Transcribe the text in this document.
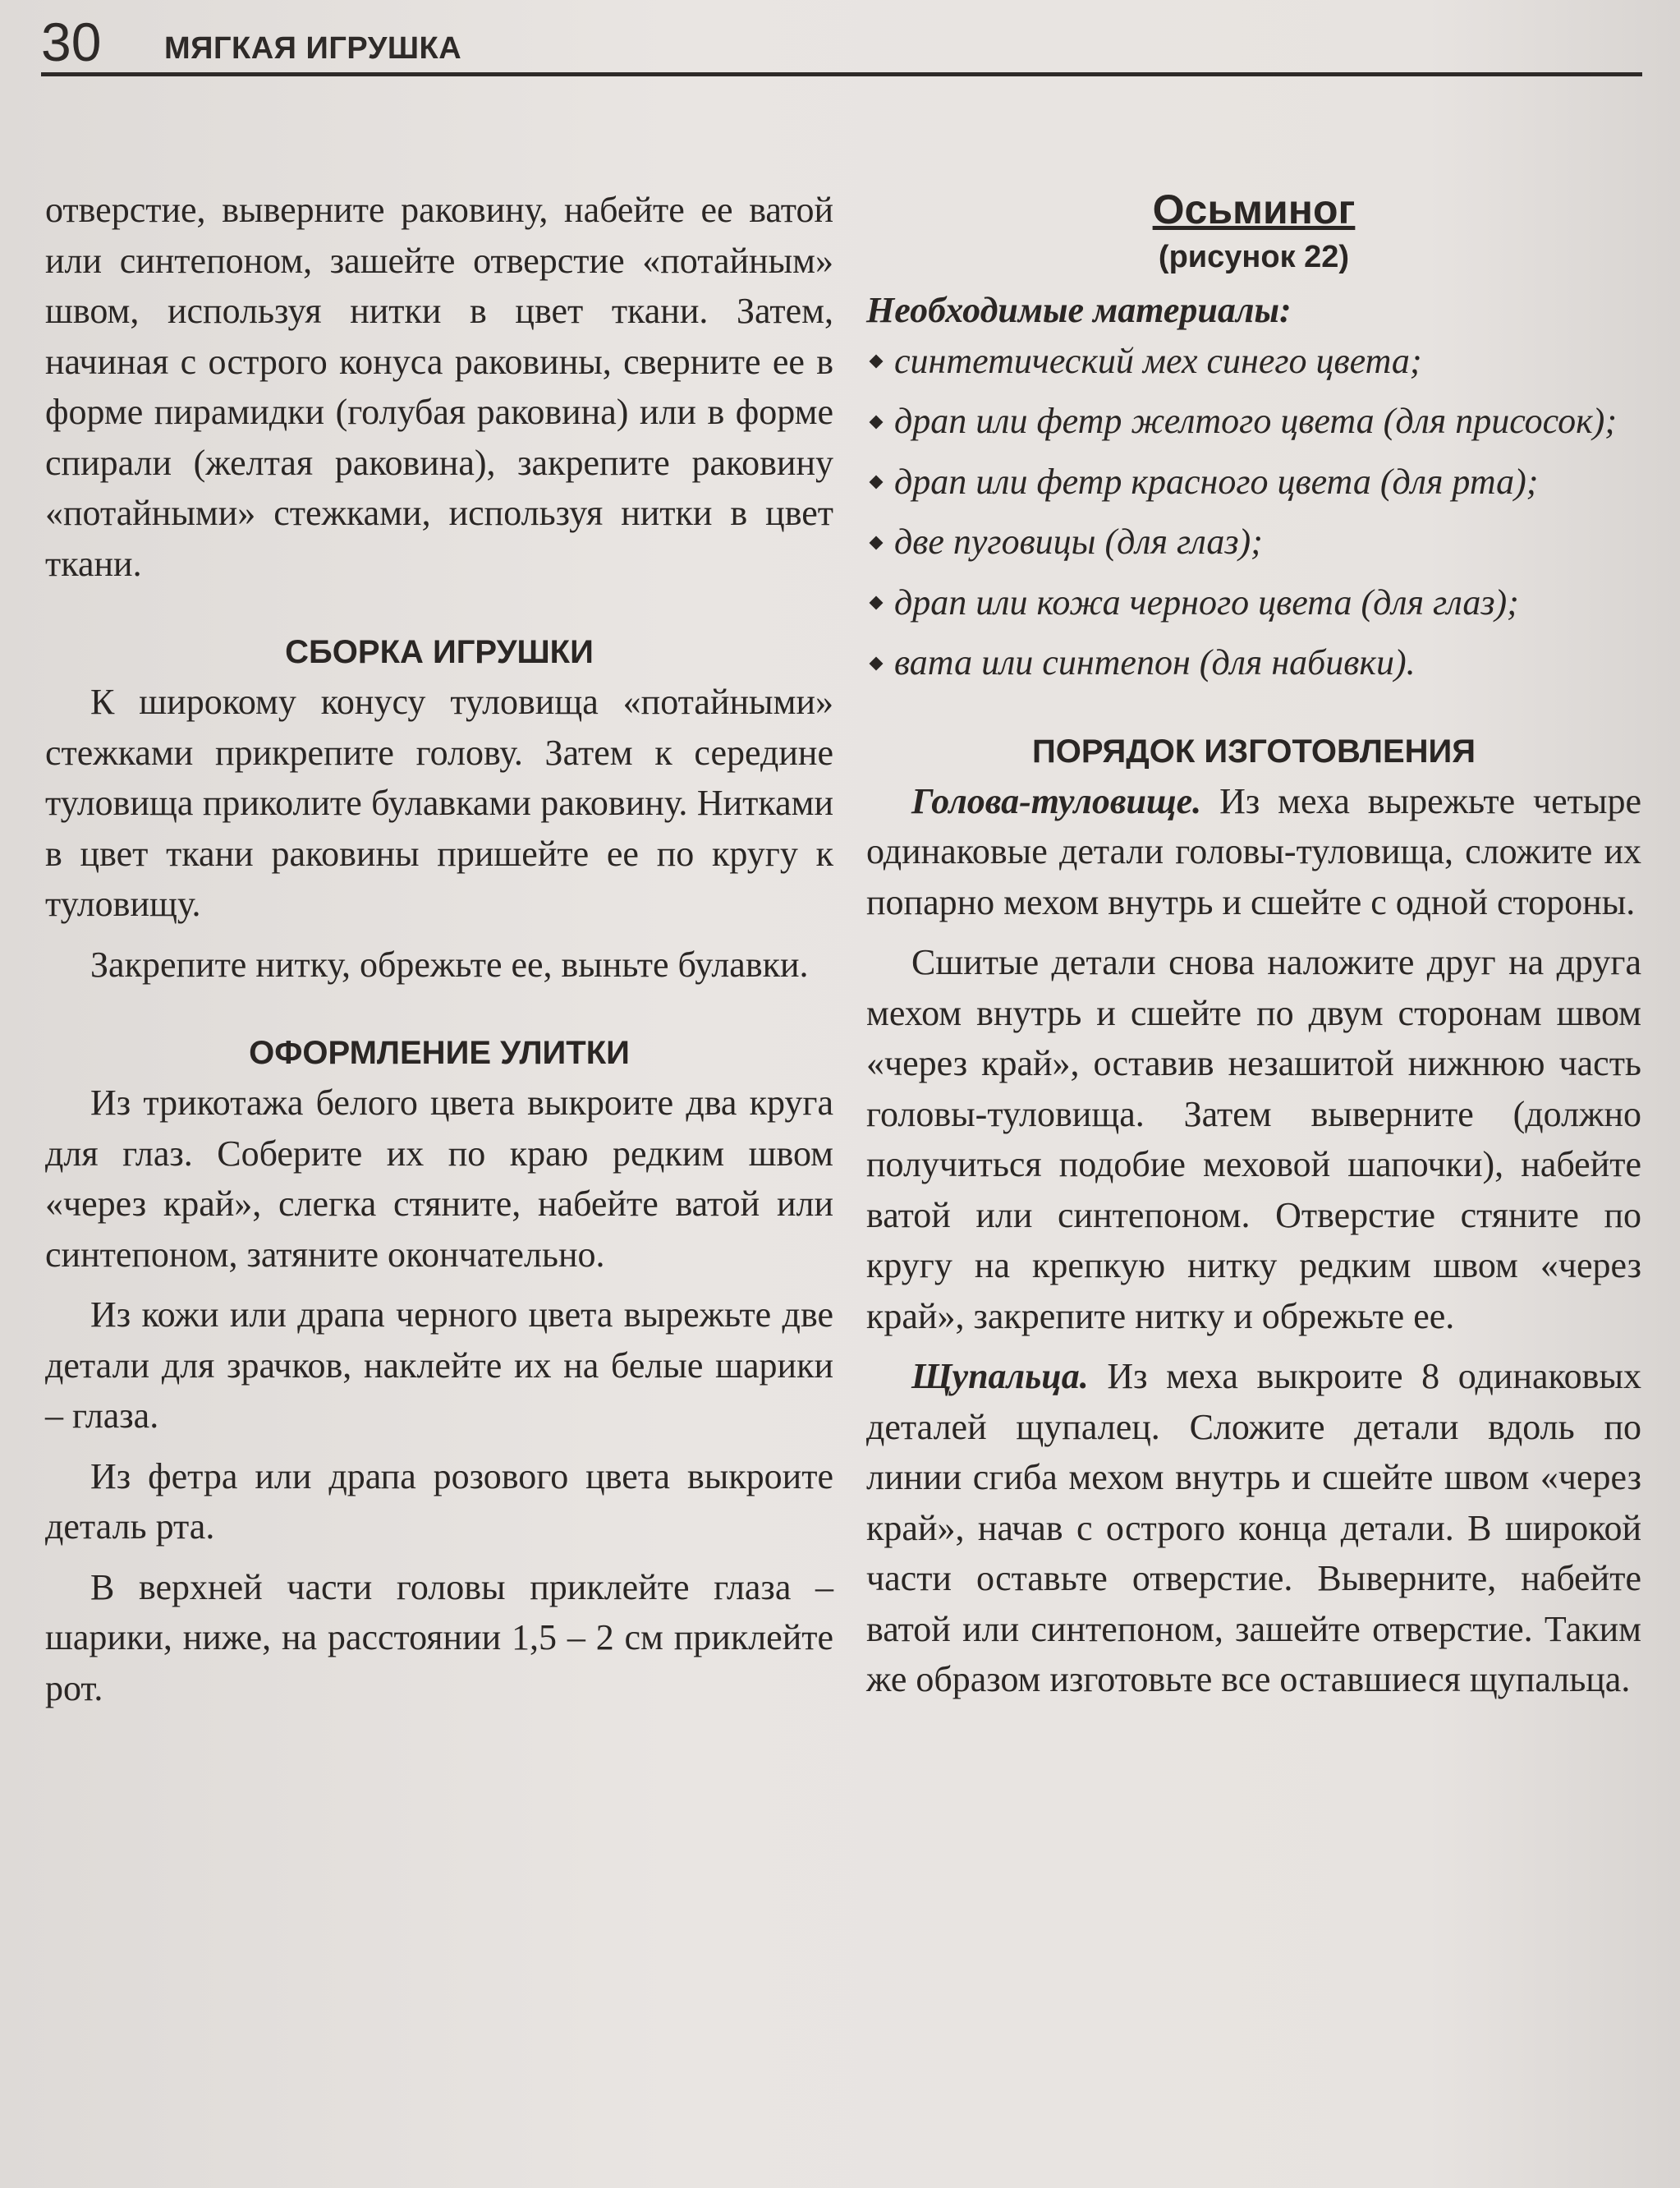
30 МЯГКАЯ ИГРУШКА

отверстие, выверните раковину, набейте ее ватой или синтепоном, зашейте отверстие «потайным» швом, используя нитки в цвет ткани. Затем, начиная с острого конуса раковины, сверните ее в форме пирамидки (голубая раковина) или в форме спирали (желтая раковина), закрепите раковину «потайными» стежками, используя нитки в цвет ткани.

СБОРКА ИГРУШКИ

К широкому конусу туловища «потайными» стежками прикрепите голову. Затем к середине туловища приколите булавками раковину. Нитками в цвет ткани раковины пришейте ее по кругу к туловищу.

Закрепите нитку, обрежьте ее, выньте булавки.

ОФОРМЛЕНИЕ УЛИТКИ

Из трикотажа белого цвета выкроите два круга для глаз. Соберите их по краю редким швом «через край», слегка стяните, набейте ватой или синтепоном, затяните окончательно.

Из кожи или драпа черного цвета вырежьте две детали для зрачков, наклейте их на белые шарики – глаза.

Из фетра или драпа розового цвета выкроите деталь рта.

В верхней части головы приклейте глаза – шарики, ниже, на расстоянии 1,5 – 2 см приклейте рот.

Осьминог
(рисунок 22)

Необходимые материалы:

синтетический мех синего цвета;
драп или фетр желтого цвета (для присосок);
драп или фетр красного цвета (для рта);
две пуговицы (для глаз);
драп или кожа черного цвета (для глаз);
вата или синтепон (для набивки).
ПОРЯДОК ИЗГОТОВЛЕНИЯ

Голова-туловище. Из меха вырежьте четыре одинаковые детали головы-туловища, сложите их попарно мехом внутрь и сшейте с одной стороны.

Сшитые детали снова наложите друг на друга мехом внутрь и сшейте по двум сторонам швом «через край», оставив незашитой нижнюю часть головы-туловища. Затем выверните (должно получиться подобие меховой шапочки), набейте ватой или синтепоном. Отверстие стяните по кругу на крепкую нитку редким швом «через край», закрепите нитку и обрежьте ее.

Щупальца. Из меха выкроите 8 одинаковых деталей щупалец. Сложите детали вдоль по линии сгиба мехом внутрь и сшейте швом «через край», начав с острого конца детали. В широкой части оставьте отверстие. Выверните, набейте ватой или синтепоном, зашейте отверстие. Таким же образом изготовьте все оставшиеся щупальца.
